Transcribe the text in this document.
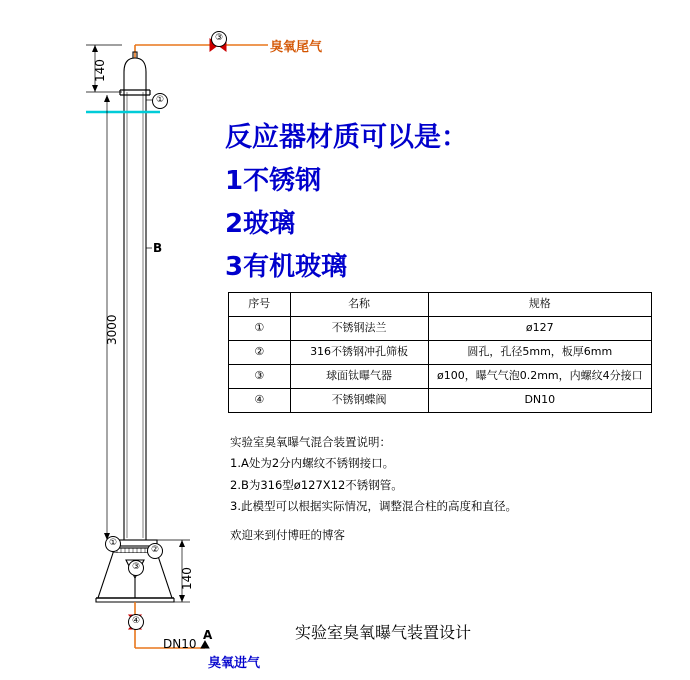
③
①
①
②
③
④
臭氧尾气
臭氧进气
DN10
A
B
140
3000
140
反应器材质可以是：
1不锈钢
2玻璃
3有机玻璃
序号	名称	规格
①	不锈钢法兰	ø127
②	316不锈钢冲孔筛板	圆孔，孔径5mm，板厚6mm
③	球面钛曝气器	ø100，曝气气泡0.2mm，内螺纹4分接口
④	不锈钢蝶阀	DN10
实验室臭氧曝气混合装置说明：
1.A处为2分内螺纹不锈钢接口。
2.B为316型ø127X12不锈钢管。
3.此模型可以根据实际情况，调整混合柱的高度和直径。
欢迎来到付博旺的博客
实验室臭氧曝气装置设计
